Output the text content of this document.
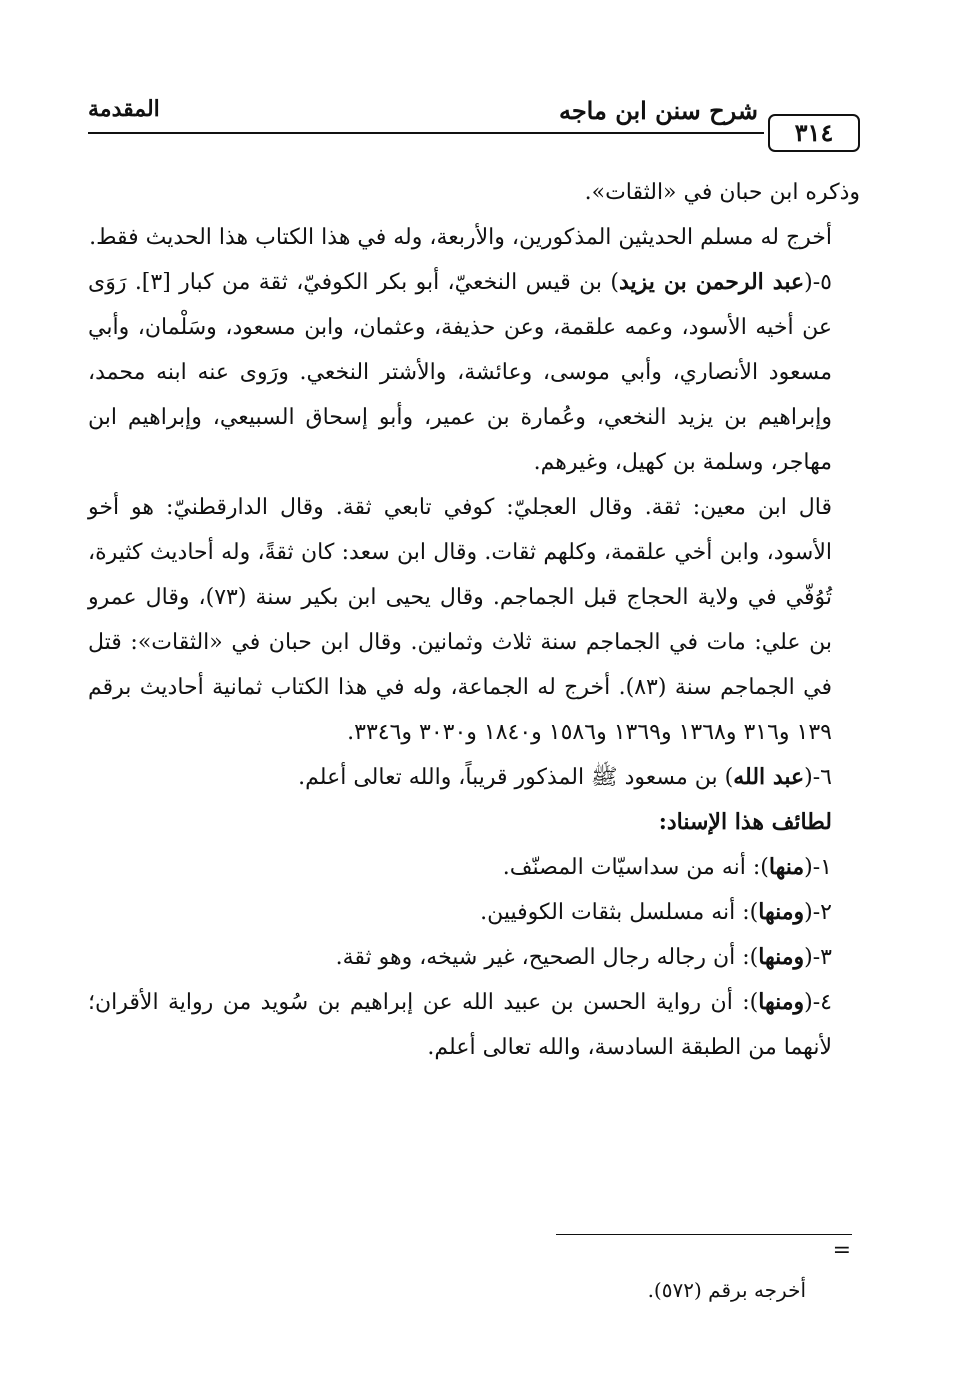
شرح سنن ابن ماجه
المقدمة
٣١٤

وذكره ابن حبان في «الثقات».

أخرج له مسلم الحديثين المذكورين، والأربعة، وله في هذا الكتاب هذا الحديث فقط.

٥-(عبد الرحمن بن يزيد) بن قيس النخعيّ، أبو بكر الكوفيّ، ثقة من كبار [٣]. رَوَى عن أخيه الأسود، وعمه علقمة، وعن حذيفة، وعثمان، وابن مسعود، وسَلْمان، وأبي مسعود الأنصاري، وأبي موسى، وعائشة، والأشتر النخعي. ورَوى عنه ابنه محمد، وإبراهيم بن يزيد النخعي، وعُمارة بن عمير، وأبو إسحاق السبيعي، وإبراهيم ابن مهاجر، وسلمة بن كهيل، وغيرهم.

قال ابن معين: ثقة. وقال العجليّ: كوفي تابعي ثقة. وقال الدارقطنيّ: هو أخو الأسود، وابن أخي علقمة، وكلهم ثقات. وقال ابن سعد: كان ثقةً، وله أحاديث كثيرة، تُوُفّي في ولاية الحجاج قبل الجماجم. وقال يحيى ابن بكير سنة (٧٣)، وقال عمرو بن علي: مات في الجماجم سنة ثلاث وثمانين. وقال ابن حبان في «الثقات»: قتل في الجماجم سنة (٨٣). أخرج له الجماعة، وله في هذا الكتاب ثمانية أحاديث برقم ١٣٩ و٣١٦ و١٣٦٨ و١٣٦٩ و١٥٨٦ و١٨٤٠ و٣٠٣٠ و٣٣٤٦.

٦-(عبد الله) بن مسعود ﷺ المذكور قريباً، والله تعالى أعلم.

لطائف هذا الإسناد:

١-(منها): أنه من سداسيّات المصنّف.

٢-(ومنها): أنه مسلسل بثقات الكوفيين.

٣-(ومنها): أن رجاله رجال الصحيح، غير شيخه، وهو ثقة.

٤-(ومنها): أن رواية الحسن بن عبيد الله عن إبراهيم بن سُويد من رواية الأقران؛ لأنهما من الطبقة السادسة، والله تعالى أعلم.

=
أخرجه برقم (٥٧٢).
